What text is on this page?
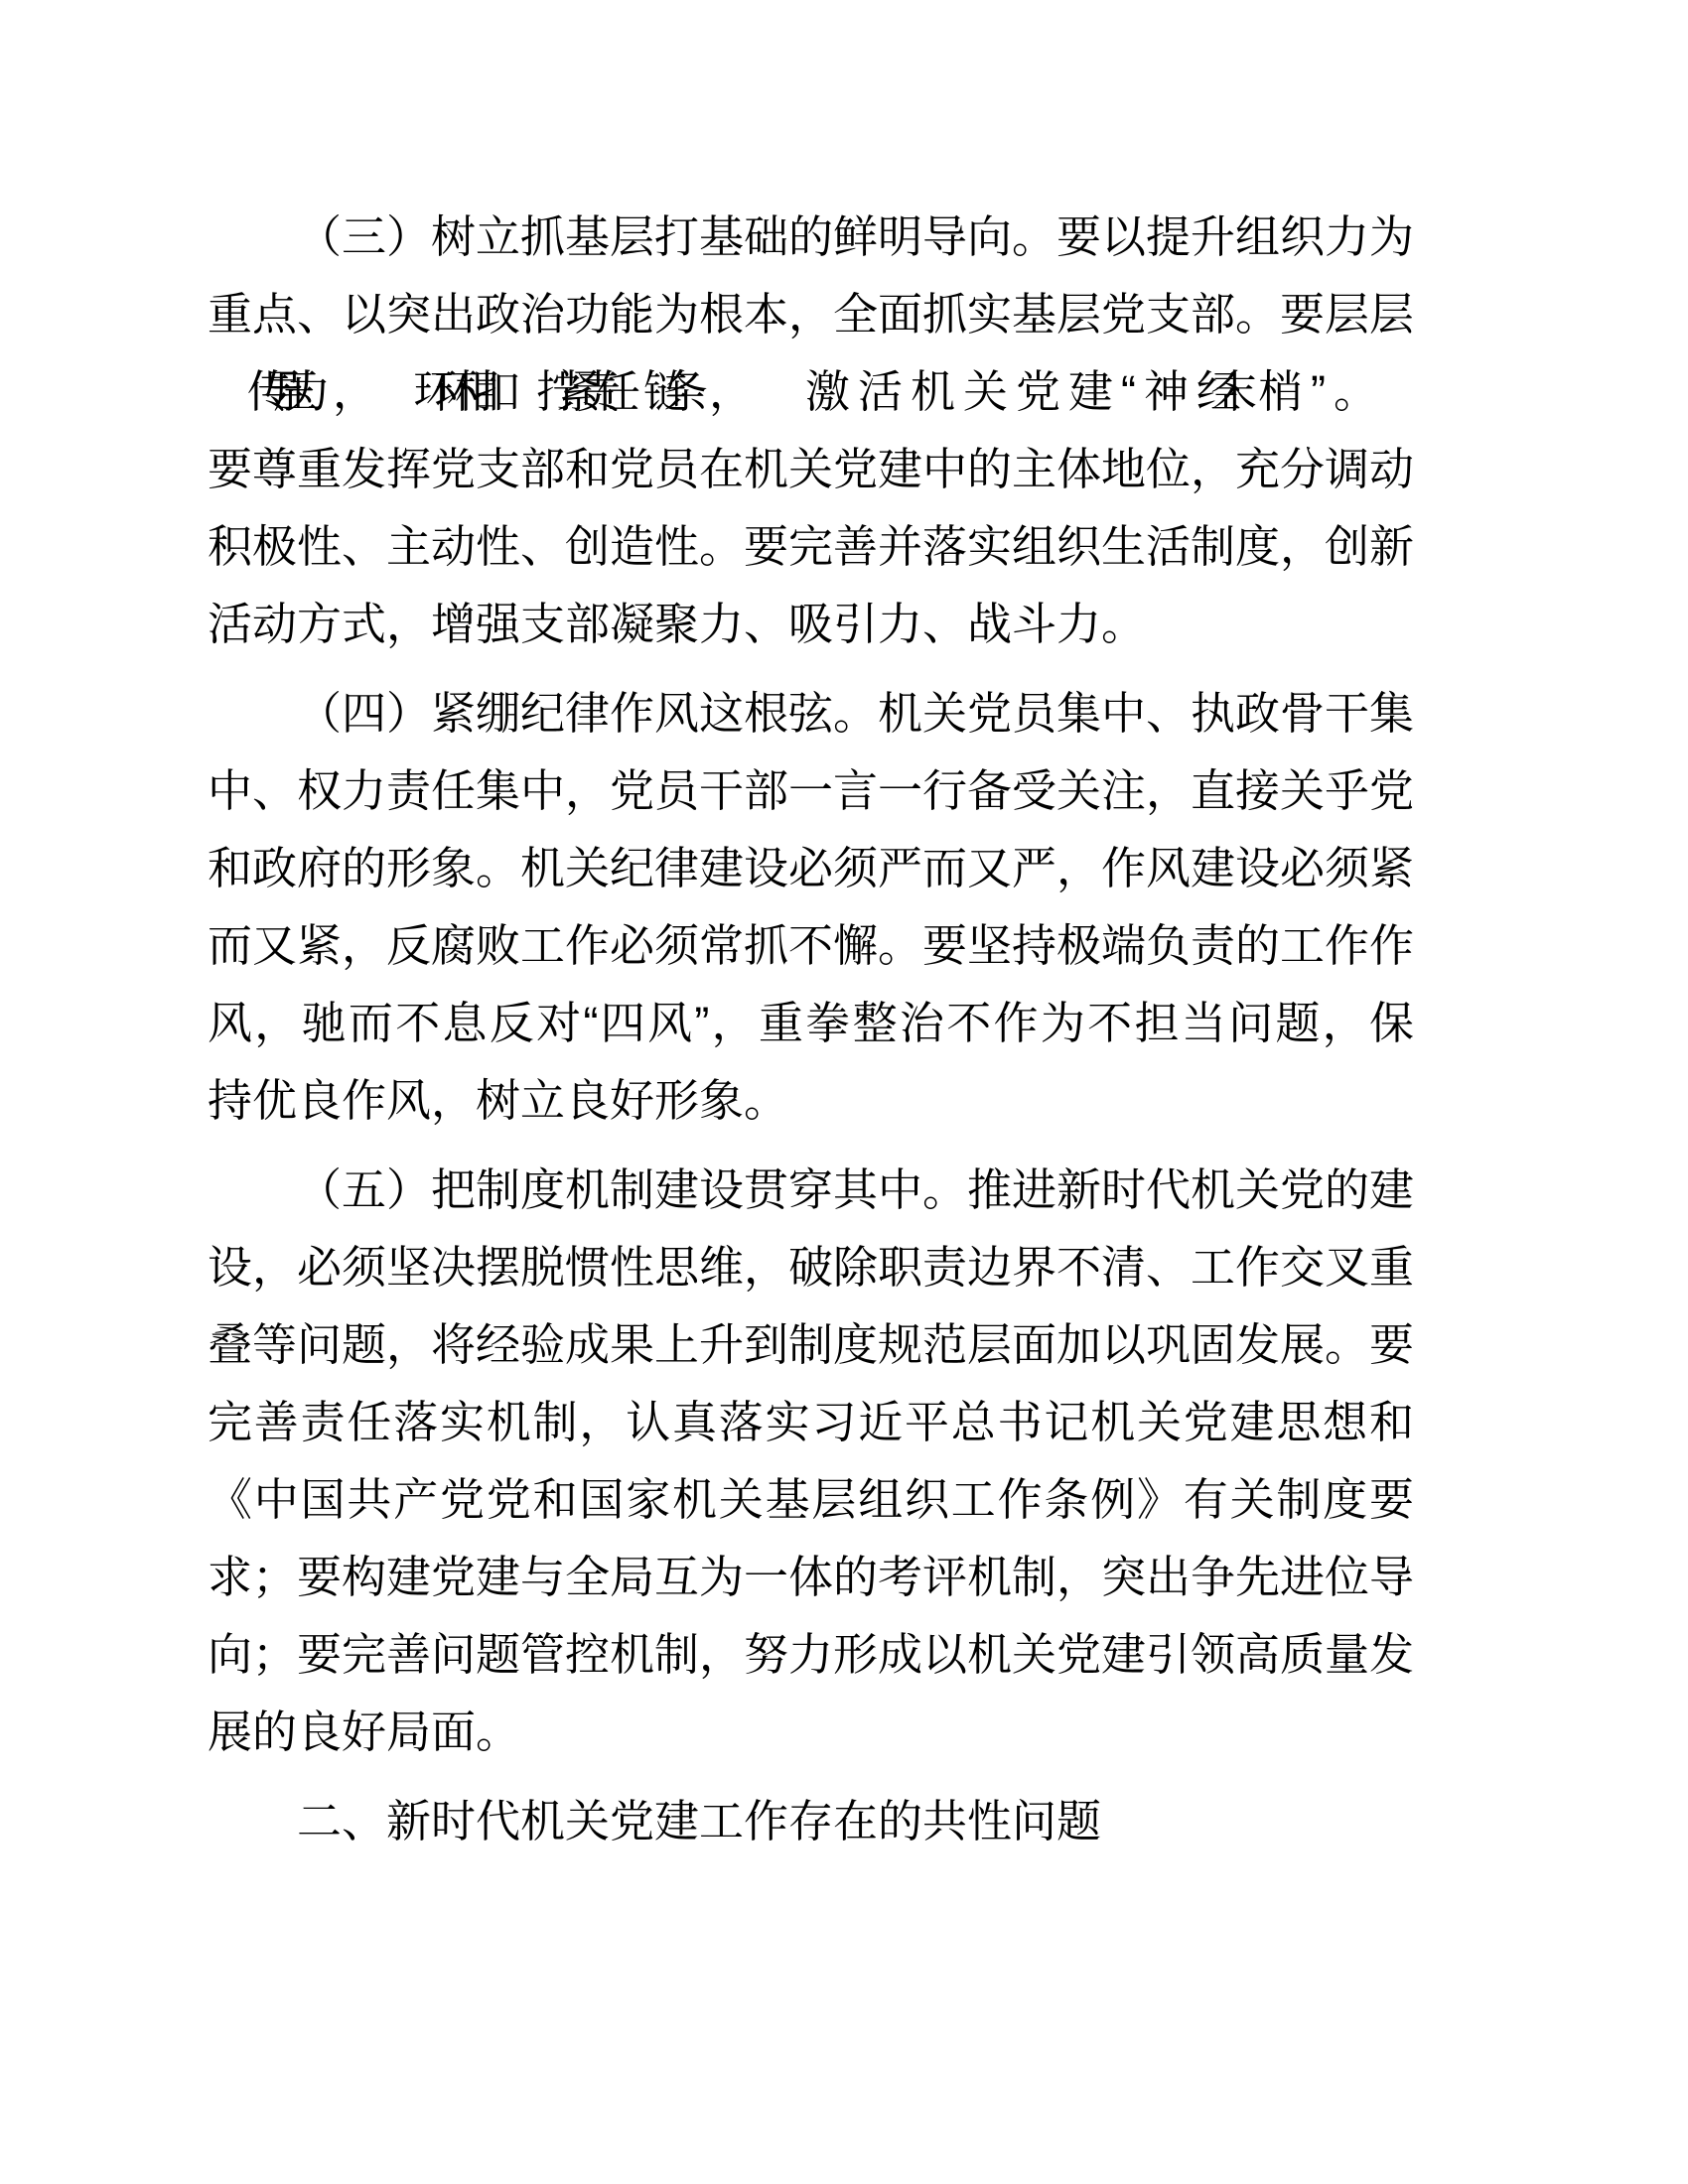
（三）树立抓基层打基础的鲜明导向。要以提升组织力为
重点、以突出政治功能为根本，全面抓实基层党支部。要层层
传导压力 ， 环环相扣 拧紧责任 链条 ， 激活机关党建“神经末 梢”。
要尊重发挥党支部和党员在机关党建中的主体地位，充分调动
积极性、主动性、创造性。要完善并落实组织生活制度，创新
活动方式，增强支部凝聚力、吸引力、战斗力。
（四）紧绷纪律作风这根弦。机关党员集中、执政骨干集
中、权力责任集中，党员干部一言一行备受关注，直接关乎党
和政府的形象。机关纪律建设必须严而又严，作风建设必须紧
而又紧，反腐败工作必须常抓不懈。要坚持极端负责的工作作
风，驰而不息反对“四风”，重拳整治不作为不担当问题，保
持优良作风，树立良好形象。
（五）把制度机制建设贯穿其中。推进新时代机关党的建
设，必须坚决摆脱惯性思维，破除职责边界不清、工作交叉重
叠等问题，将经验成果上升到制度规范层面加以巩固发展。要
完善责任落实机制，认真落实习近平总书记机关党建思想和
《中国共产党党和国家机关基层组织工作条例》有关制度要
求；要构建党建与全局互为一体的考评机制，突出争先进位导
向；要完善问题管控机制，努力形成以机关党建引领高质量发
展的良好局面。
二、新时代机关党建工作存在的共性问题
